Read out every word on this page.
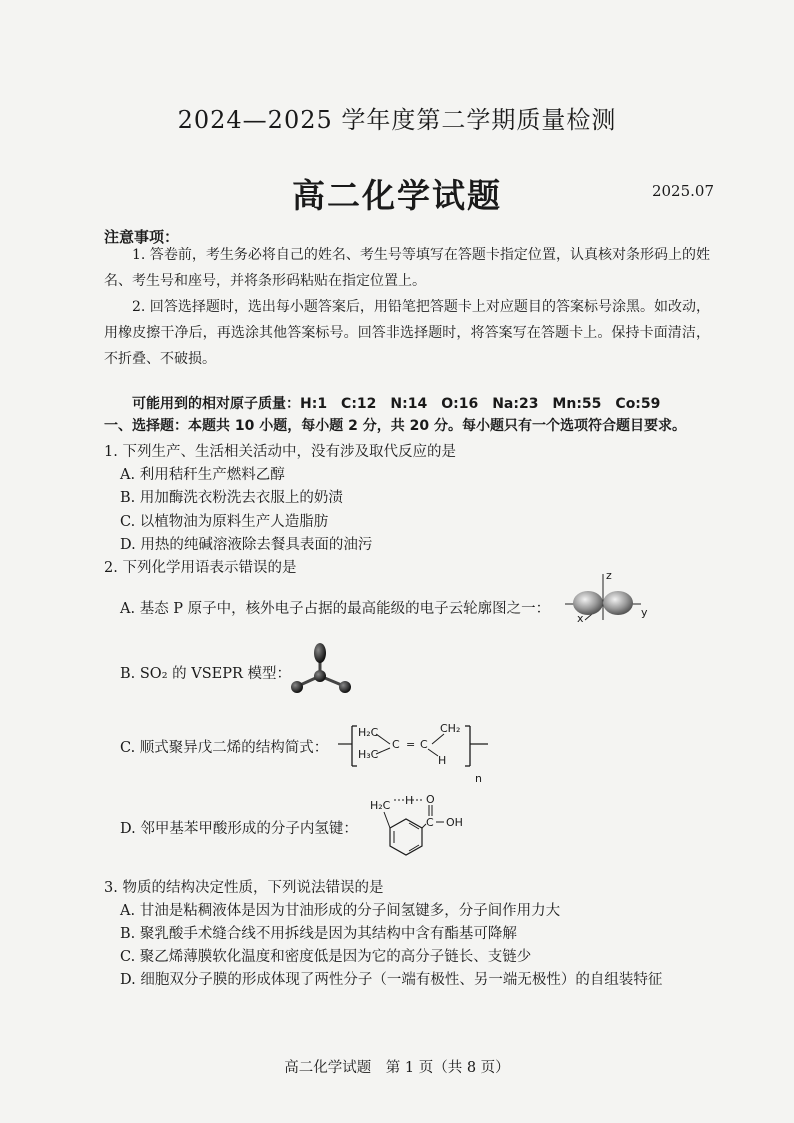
2024—2025 学年度第二学期质量检测
高二化学试题	2025.07
注意事项：
1. 答卷前，考生务必将自己的姓名、考生号等填写在答题卡指定位置，认真核对条形码上的姓名、考生号和座号，并将条形码粘贴在指定位置上。
2. 回答选择题时，选出每小题答案后，用铅笔把答题卡上对应题目的答案标号涂黑。如改动，用橡皮擦干净后，再选涂其他答案标号。回答非选择题时，将答案写在答题卡上。保持卡面清洁，不折叠、不破损。
可能用到的相对原子质量：H:1　C:12　N:14　O:16　Na:23　Mn:55　Co:59
一、选择题：本题共 10 小题，每小题 2 分，共 20 分。每小题只有一个选项符合题目要求。
1. 下列生产、生活相关活动中，没有涉及取代反应的是
A. 利用秸秆生产燃料乙醇
B. 用加酶洗衣粉洗去衣服上的奶渍
C. 以植物油为原料生产人造脂肪
D. 用热的纯碱溶液除去餐具表面的油污
2. 下列化学用语表示错误的是
A. 基态 P 原子中，核外电子占据的最高能级的电子云轮廓图之一：
z
y
x
B. SO₂ 的 VSEPR 模型：
C. 顺式聚异戊二烯的结构简式：
H₂C
H₃C
C = C
CH₂
H
n
D. 邻甲基苯甲酸形成的分子内氢键：
H₂C H O
C OH
3. 物质的结构决定性质，下列说法错误的是
A. 甘油是粘稠液体是因为甘油形成的分子间氢键多，分子间作用力大
B. 聚乳酸手术缝合线不用拆线是因为其结构中含有酯基可降解
C. 聚乙烯薄膜软化温度和密度低是因为它的高分子链长、支链少
D. 细胞双分子膜的形成体现了两性分子（一端有极性、另一端无极性）的自组装特征
高二化学试题　第 1 页（共 8 页）
